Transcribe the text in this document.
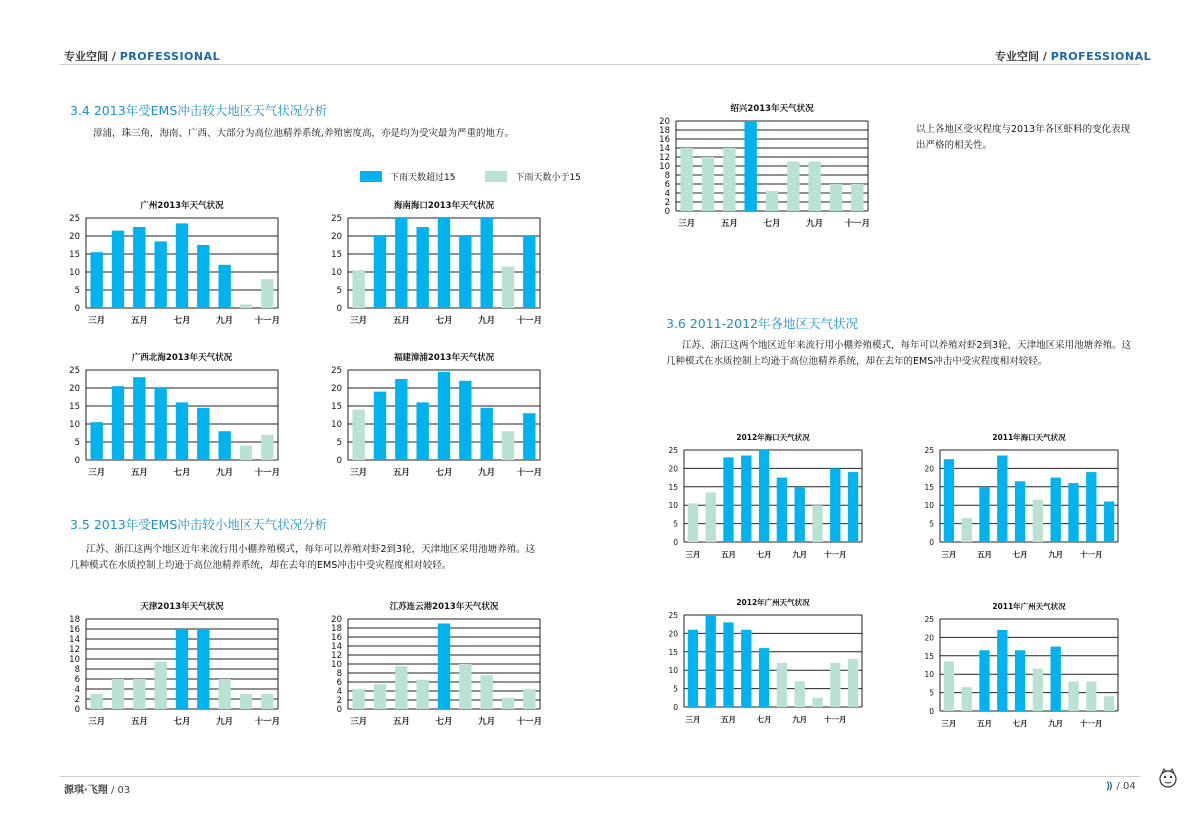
专业空间 / PROFESSIONAL	专业空间 / PROFESSIONAL
3.4 2013年受EMS冲击较大地区天气状况分析
漳浦，珠三角，海南、广西、大部分为高位池精养系统,养殖密度高，亦是均为受灾最为严重的地方。
下雨天数超过15	下雨天数小于15
广州2013年天气状况
0
5
10
15
20
25
三月	五月	七月	九月	十一月
海南海口2013年天气状况
0
5
10
15
20
25
三月	五月	七月	九月	十一月
广西北海2013年天气状况
0
5
10
15
20
25
三月	五月	七月	九月	十一月
福建漳浦2013年天气状况
0
5
10
15
20
25
三月	五月	七月	九月	十一月
3.5 2013年受EMS冲击较小地区天气状况分析
江苏、浙江这两个地区近年来流行用小棚养殖模式，每年可以养殖对虾2到3轮，天津地区采用池塘养殖。这
几种模式在水质控制上均逊于高位池精养系统，却在去年的EMS冲击中受灾程度相对较轻。
天津2013年天气状况
0
2
4
6
8
10
12
14
16
18
三月	五月	七月	九月	十一月
江苏连云港2013年天气状况
0
2
4
6
8
10
12
14
16
18
20
三月	五月	七月	九月	十一月
绍兴2013年天气状况
0
2
4
6
8
10
12
14
16
18
20
三月	五月	七月	九月	十一月
以上各地区受灾程度与2013年各区虾料的变化表现
出严格的相关性。
3.6 2011-2012年各地区天气状况
江苏、浙江这两个地区近年来流行用小棚养殖模式，每年可以养殖对虾2到3轮，天津地区采用池塘养殖。这
几种模式在水质控制上均逊于高位池精养系统，却在去年的EMS冲击中受灾程度相对较轻。
2012年海口天气状况
0
5
10
15
20
25
三月	五月	七月	九月 十一月
2011年海口天气状况
0
5
10
15
20
25
三月	五月	七月	九月 十一月
2012年广州天气状况
0
5
10
15
20
25
三月	五月	七月	九月 十一月
2011年广州天气状况
0
5
10
15
20
25
三月	五月	七月	九月 十一月
源琪·飞翔 / 03	⟫ / 04
